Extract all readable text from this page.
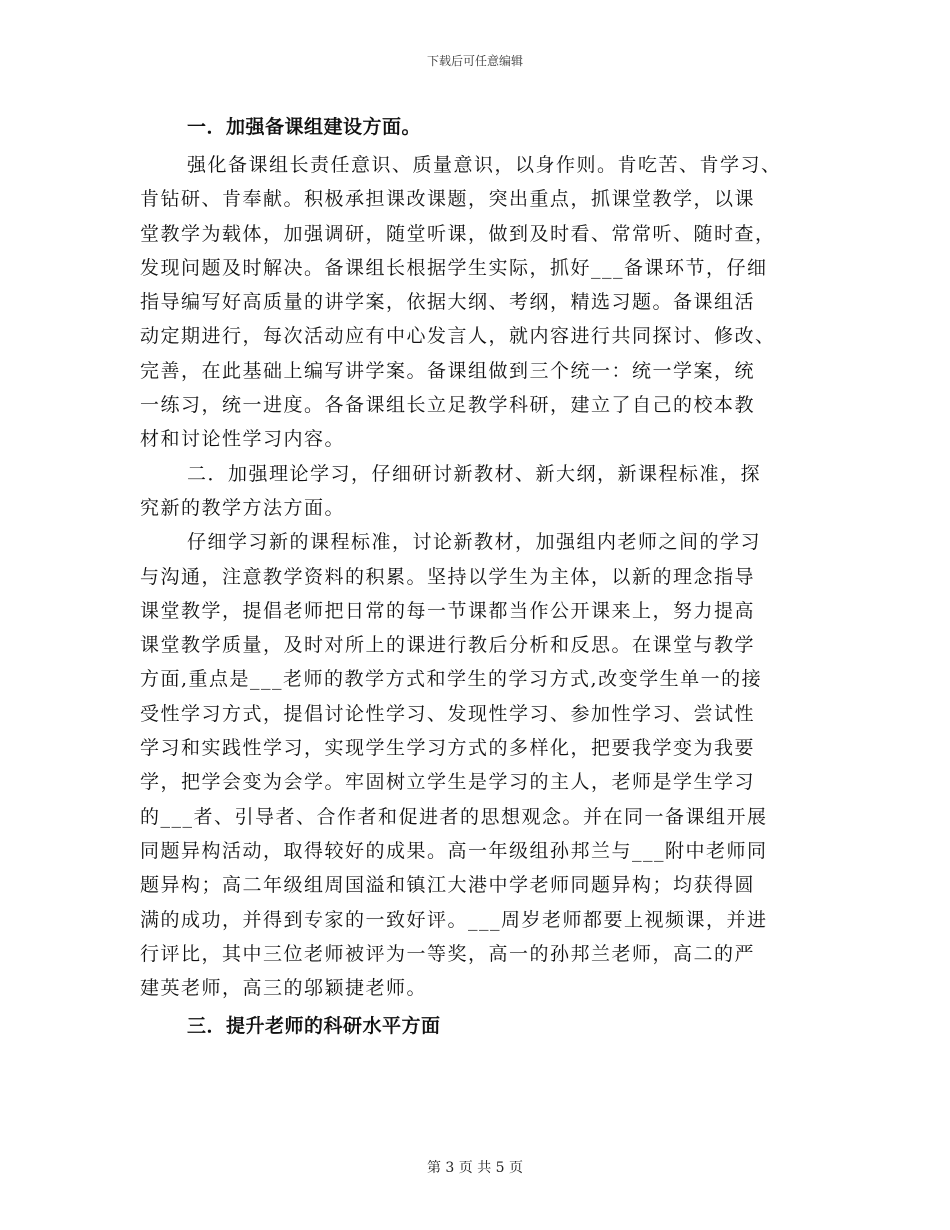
下载后可任意编辑
一．加强备课组建设方面。
强化备课组长责任意识、质量意识，以身作则。肯吃苦、肯学习、
肯钻研、肯奉献。积极承担课改课题，突出重点，抓课堂教学，以课
堂教学为载体，加强调研，随堂听课，做到及时看、常常听、随时查，
发现问题及时解决。备课组长根据学生实际，抓好___备课环节，仔细
指导编写好高质量的讲学案，依据大纲、考纲，精选习题。备课组活
动定期进行，每次活动应有中心发言人，就内容进行共同探讨、修改、
完善，在此基础上编写讲学案。备课组做到三个统一：统一学案，统
一练习，统一进度。各备课组长立足教学科研，建立了自己的校本教
材和讨论性学习内容。
二．加强理论学习，仔细研讨新教材、新大纲，新课程标准，探
究新的教学方法方面。
仔细学习新的课程标准，讨论新教材，加强组内老师之间的学习
与沟通，注意教学资料的积累。坚持以学生为主体，以新的理念指导
课堂教学，提倡老师把日常的每一节课都当作公开课来上，努力提高
课堂教学质量，及时对所上的课进行教后分析和反思。在课堂与教学
方面,重点是___老师的教学方式和学生的学习方式,改变学生单一的接
受性学习方式，提倡讨论性学习、发现性学习、参加性学习、尝试性
学习和实践性学习，实现学生学习方式的多样化，把要我学变为我要
学，把学会变为会学。牢固树立学生是学习的主人，老师是学生学习
的___者、引导者、合作者和促进者的思想观念。并在同一备课组开展
同题异构活动，取得较好的成果。高一年级组孙邦兰与___附中老师同
题异构；高二年级组周国溢和镇江大港中学老师同题异构；均获得圆
满的成功，并得到专家的一致好评。___周岁老师都要上视频课，并进
行评比，其中三位老师被评为一等奖，高一的孙邦兰老师，高二的严
建英老师，高三的邬颖捷老师。
三．提升老师的科研水平方面
第 3 页 共 5 页
